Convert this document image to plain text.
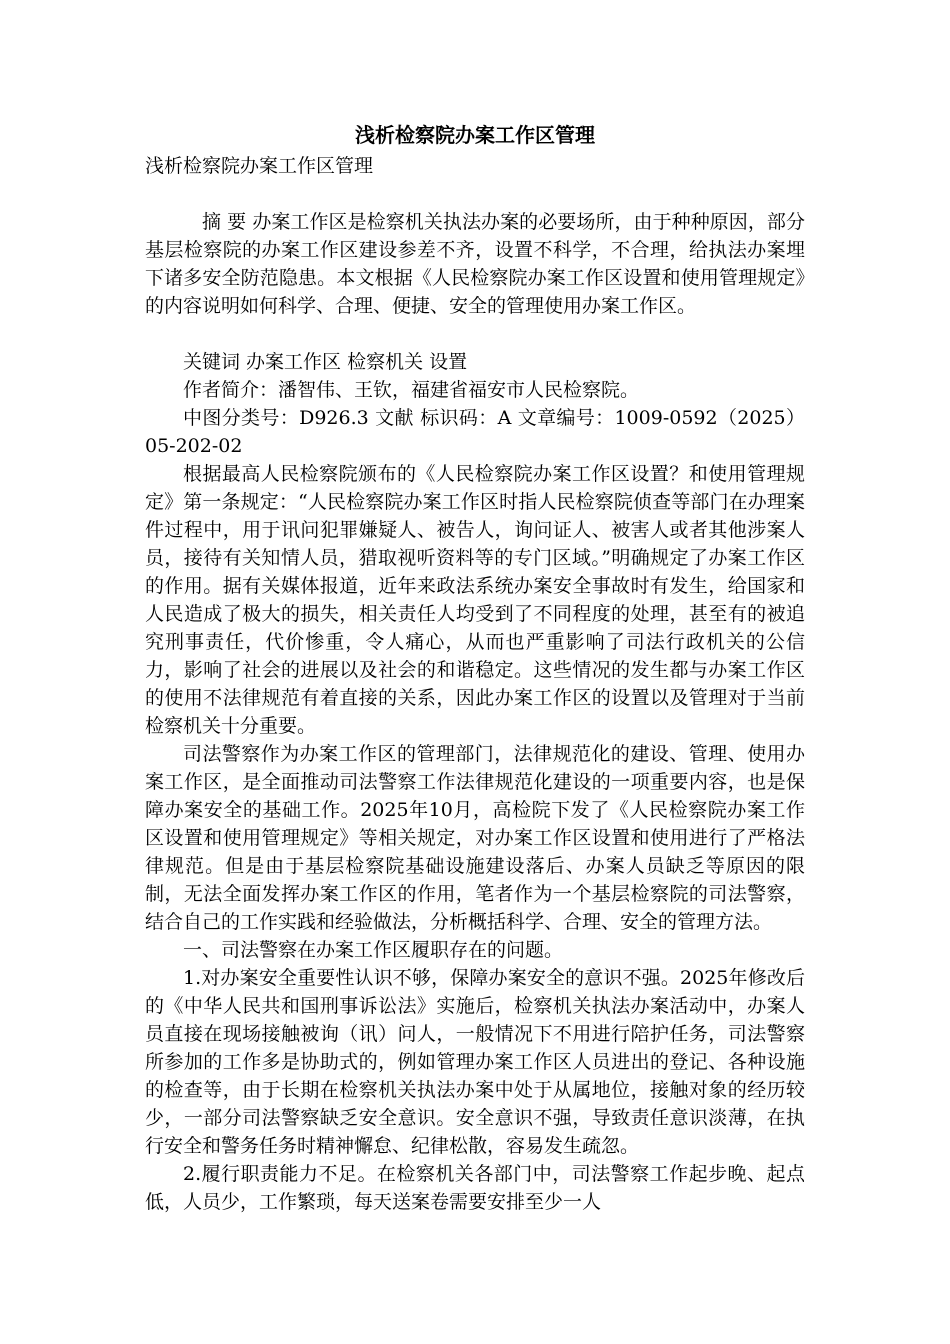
浅析检察院办案工作区管理

浅析检察院办案工作区管理

摘 要 办案工作区是检察机关执法办案的必要场所，由于种种原因，部分基层检察院的办案工作区建设参差不齐，设置不科学，不合理，给执法办案埋下诸多安全防范隐患。本文根据《人民检察院办案工作区设置和使用管理规定》的内容说明如何科学、合理、便捷、安全的管理使用办案工作区。

关键词 办案工作区 检察机关 设置

作者简介：潘智伟、王钦，福建省福安市人民检察院。

中图分类号：D926.3 文献 标识码：A 文章编号：1009-0592（2025）05-202-02

根据最高人民检察院颁布的《人民检察院办案工作区设置？和使用管理规定》第一条规定：“人民检察院办案工作区时指人民检察院侦查等部门在办理案件过程中，用于讯问犯罪嫌疑人、被告人，询问证人、被害人或者其他涉案人员，接待有关知情人员，猎取视听资料等的专门区域。”明确规定了办案工作区的作用。据有关媒体报道，近年来政法系统办案安全事故时有发生，给国家和人民造成了极大的损失，相关责任人均受到了不同程度的处理，甚至有的被追究刑事责任，代价惨重，令人痛心，从而也严重影响了司法行政机关的公信力，影响了社会的进展以及社会的和谐稳定。这些情况的发生都与办案工作区的使用不法律规范有着直接的关系，因此办案工作区的设置以及管理对于当前检察机关十分重要。

司法警察作为办案工作区的管理部门，法律规范化的建设、管理、使用办案工作区，是全面推动司法警察工作法律规范化建设的一项重要内容，也是保障办案安全的基础工作。2025年10月，高检院下发了《人民检察院办案工作区设置和使用管理规定》等相关规定，对办案工作区设置和使用进行了严格法律规范。但是由于基层检察院基础设施建设落后、办案人员缺乏等原因的限制，无法全面发挥办案工作区的作用，笔者作为一个基层检察院的司法警察，结合自己的工作实践和经验做法，分析概括科学、合理、安全的管理方法。

一、司法警察在办案工作区履职存在的问题。

1.对办案安全重要性认识不够，保障办案安全的意识不强。2025年修改后的《中华人民共和国刑事诉讼法》实施后，检察机关执法办案活动中，办案人员直接在现场接触被询（讯）问人，一般情况下不用进行陪护任务，司法警察所参加的工作多是协助式的，例如管理办案工作区人员进出的登记、各种设施的检查等，由于长期在检察机关执法办案中处于从属地位，接触对象的经历较少，一部分司法警察缺乏安全意识。安全意识不强，导致责任意识淡薄，在执行安全和警务任务时精神懈怠、纪律松散，容易发生疏忽。

2.履行职责能力不足。在检察机关各部门中，司法警察工作起步晚、起点低，人员少，工作繁琐，每天送案卷需要安排至少一人
